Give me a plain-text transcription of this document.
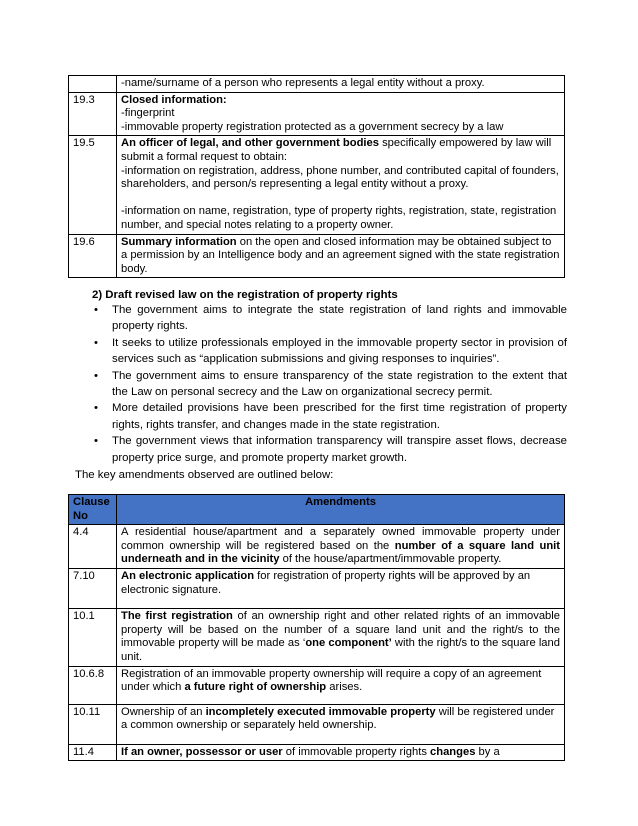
	-name/surname of a person who represents a legal entity without a proxy.

19.3	Closed information:
-fingerprint
-immovable property registration protected as a government secrecy by a law

19.5	An officer of legal, and other government bodies specifically empowered by law will submit a formal request to obtain:
-information on registration, address, phone number, and contributed capital of founders, shareholders, and person/s representing a legal entity without a proxy.
-information on name, registration, type of property rights, registration, state, registration number, and special notes relating to a property owner.

19.6	Summary information on the open and closed information may be obtained subject to a permission by an Intelligence body and an agreement signed with the state registration body.
2) Draft revised law on the registration of property rights
• The government aims to integrate the state registration of land rights and immovable property rights.
• It seeks to utilize professionals employed in the immovable property sector in provision of services such as “application submissions and giving responses to inquiries”.
• The government aims to ensure transparency of the state registration to the extent that the Law on personal secrecy and the Law on organizational secrecy permit.
• More detailed provisions have been prescribed for the first time registration of property rights, rights transfer, and changes made in the state registration.
• The government views that information transparency will transpire asset flows, decrease property price surge, and promote property market growth.
The key amendments observed are outlined below:
Clause No	Amendments
4.4	A residential house/apartment and a separately owned immovable property under common ownership will be registered based on the number of a square land unit underneath and in the vicinity of the house/apartment/immovable property.
7.10	An electronic application for registration of property rights will be approved by an electronic signature.
10.1	The first registration of an ownership right and other related rights of an immovable property will be based on the number of a square land unit and the right/s to the immovable property will be made as ‘one component’ with the right/s to the square land unit.
10.6.8	Registration of an immovable property ownership will require a copy of an agreement under which a future right of ownership arises.
10.11	Ownership of an incompletely executed immovable property will be registered under a common ownership or separately held ownership.
11.4	If an owner, possessor or user of immovable property rights changes by a
